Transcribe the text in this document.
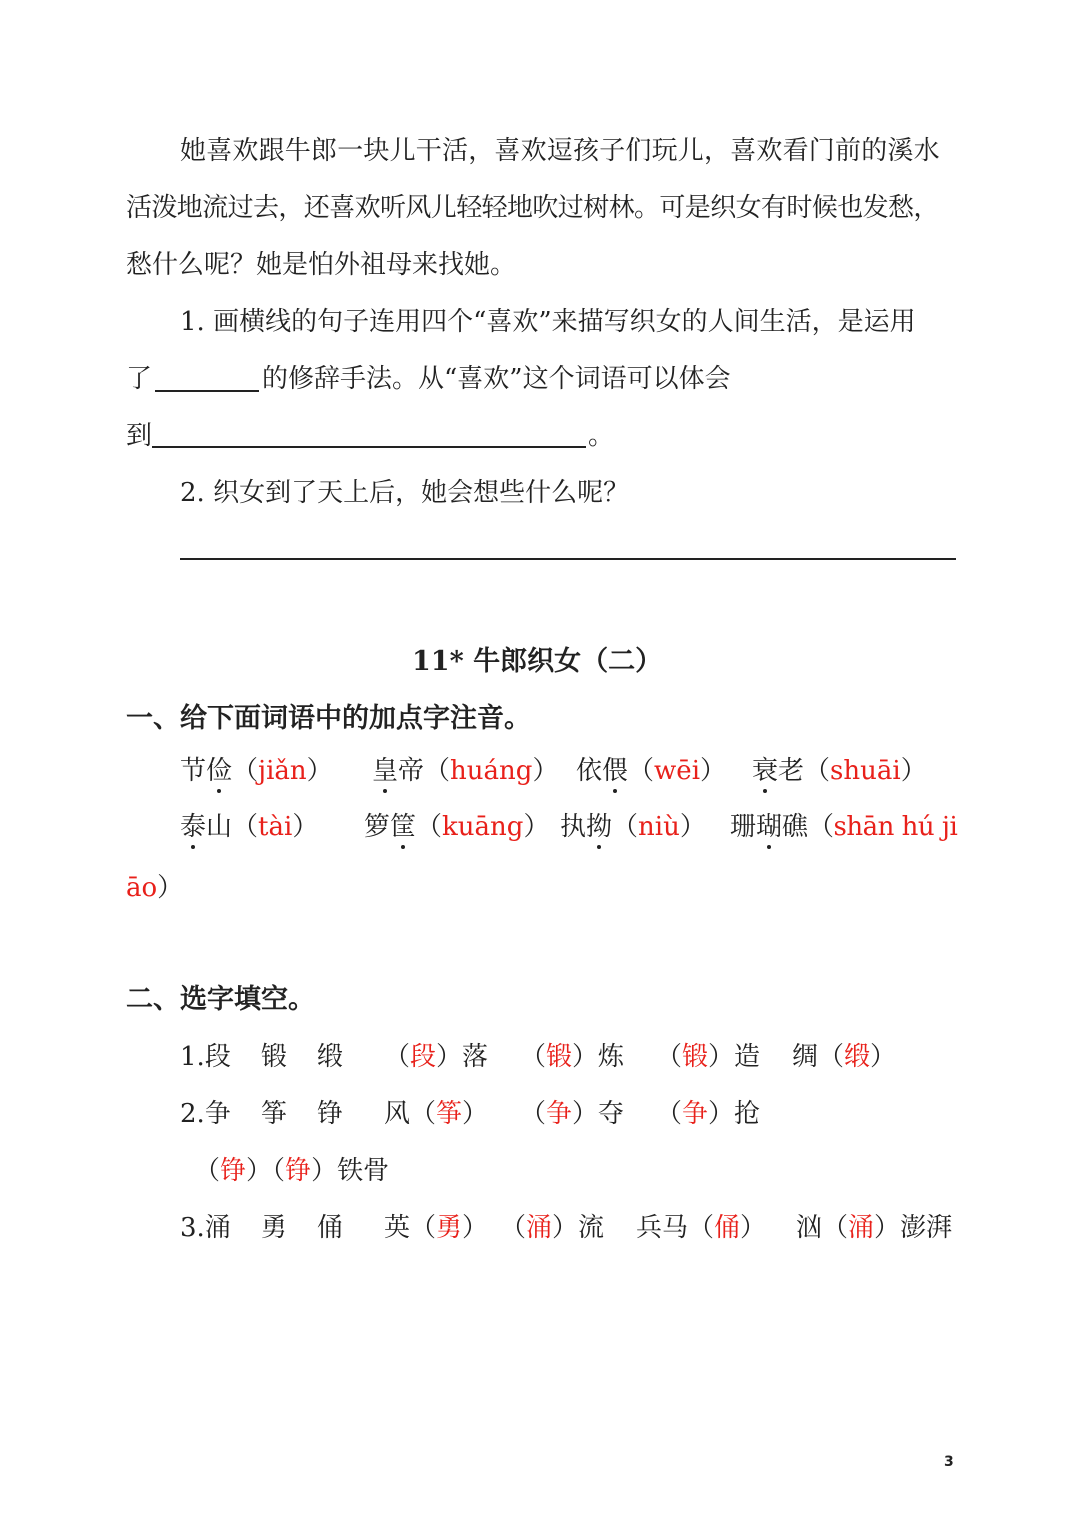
她喜欢跟牛郎一块儿干活，喜欢逗孩子们玩儿，喜欢看门前的溪水
活泼地流过去，还喜欢听风儿轻轻地吹过树林。可是织女有时候也发愁，
愁什么呢？她是怕外祖母来找她。
1. 画横线的句子连用四个“喜欢”来描写织女的人间生活，是运用
了	的修辞手法。从“喜欢”这个词语可以体会
到	。
2. 织女到了天上后，她会想些什么呢？
11* 牛郎织女（二）
一、给下面词语中的加点字注音。
节俭（jiǎn） 皇帝（huáng） 依偎（wēi） 衰老（shuāi）
泰山（tài） 箩筐（kuāng） 执拗（niù） 珊瑚礁（shān hú ji
āo）
二、选字填空。
1.段 锻 缎 （段）落 （锻）炼 （锻）造 绸（缎）
2.争 筝 铮 风（筝） （争）夺 （争）抢
（铮）（铮）铁骨
3.涌 勇 俑 英（勇） （涌）流 兵马（俑） 汹（涌）澎湃
3
